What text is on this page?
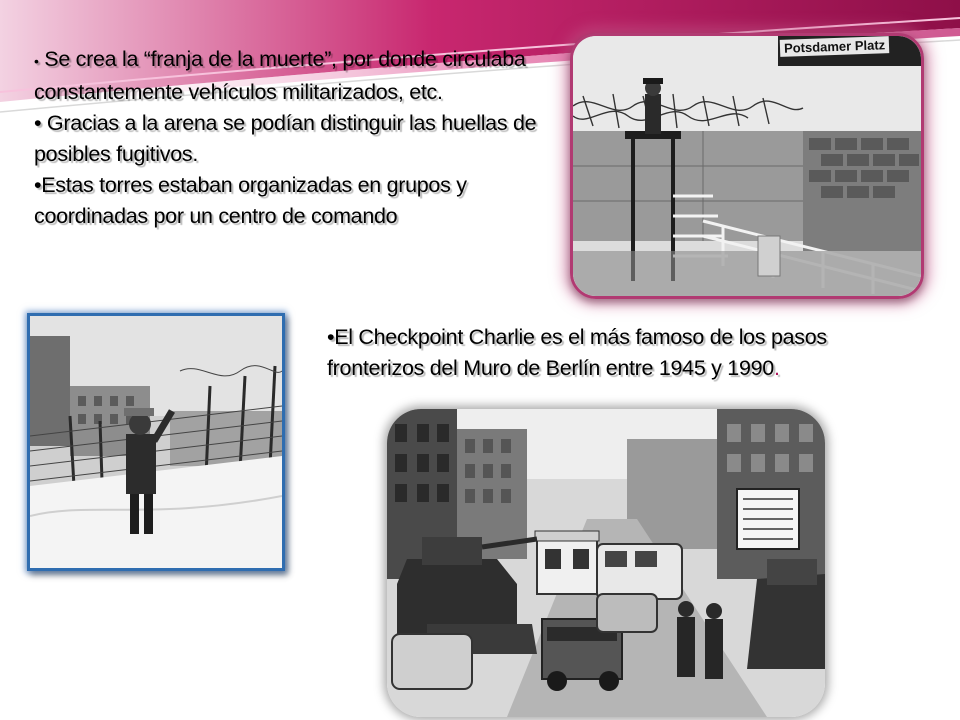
• Se crea la “franja de la muerte”, por donde circulaba constantemente vehículos militarizados, etc.

• Gracias a la arena se podían distinguir las huellas de posibles fugitivos.

•Estas torres estaban organizadas en grupos y coordinadas por un centro de comando

Potsdamer Platz

•El Checkpoint Charlie es el más famoso de los pasos fronterizos del Muro de Berlín entre 1945 y 1990.
